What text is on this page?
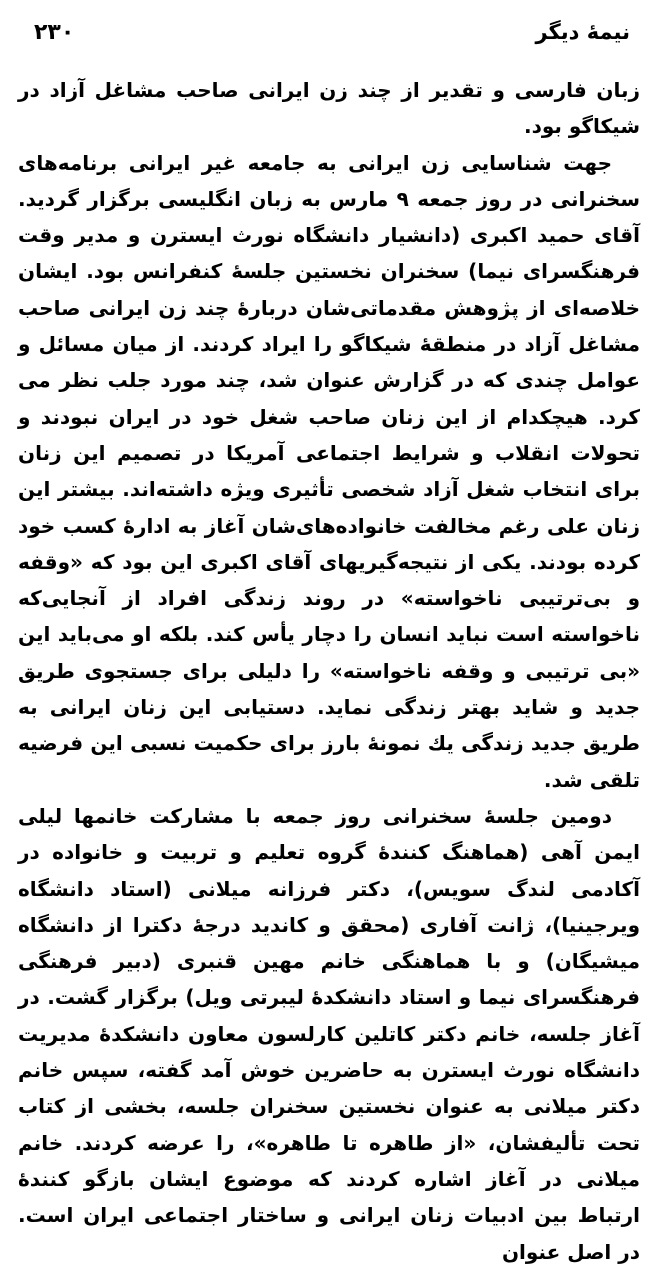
۲۳۰	نیمهٔ دیگر

زبان فارسی و تقدیر از چند زن ایرانی صاحب مشاغل آزاد در شیکاگو بود.

جهت شناسایی زن ایرانی به جامعه غیر ایرانی برنامه‌های سخنرانی در روز جمعه ۹ مارس به زبان انگلیسی برگزار گردید. آقای حمید اکبری (دانشیار دانشگاه نورث ایسترن و مدیر وقت فرهنگسرای نیما) سخنران نخستین جلسهٔ کنفرانس بود. ایشان خلاصه‌ای از پژوهش مقدماتی‌شان دربارهٔ چند زن ایرانی صاحب مشاغل آزاد در منطقهٔ شیکاگو را ایراد کردند. از میان مسائل و عوامل چندی که در گزارش عنوان شد، چند مورد جلب نظر می کرد. هیچکدام از این زنان صاحب شغل خود در ایران نبودند و تحولات انقلاب و شرایط اجتماعی آمریکا در تصمیم این زنان برای انتخاب شغل آزاد شخصی تأثیری ویژه داشته‌اند. بیشتر این زنان علی رغم مخالفت خانواده‌های‌شان آغاز به ادارهٔ کسب خود کرده بودند. یکی از نتیجه‌گیریهای آقای اکبری این بود که «وقفه و بی‌ترتیبی ناخواسته» در روند زندگی افراد از آنجایی‌که ناخواسته است نباید انسان را دچار یأس کند. بلکه او می‌باید این «بی ترتیبی و وقفه ناخواسته» را دلیلی برای جستجوی طریق جدید و شاید بهتر زندگی نماید. دستیابی این زنان ایرانی به طریق جدید زندگی یك نمونهٔ بارز برای حکمیت نسبی این فرضیه تلقی شد.

دومین جلسهٔ سخنرانی روز جمعه با مشارکت خانمها لیلی ایمن آهی (هماهنگ کنندهٔ گروه تعلیم و تربیت و خانواده در آکادمی لندگ سویس)، دکتر فرزانه میلانی (استاد دانشگاه ویرجینیا)، ژانت آفاری (محقق و کاندید درجهٔ دکترا از دانشگاه میشیگان) و با هماهنگی خانم مهین قنبری (دبیر فرهنگی فرهنگسرای نیما و استاد دانشکدهٔ لیبرتی ویل) برگزار گشت. در آغاز جلسه، خانم دکتر کاتلین کارلسون معاون دانشکدهٔ مدیریت دانشگاه نورث ایسترن به حاضرین خوش آمد گفته، سپس خانم دکتر میلانی به عنوان نخستین سخنران جلسه، بخشی از کتاب تحت تألیفشان، «از طاهره تا طاهره»، را عرضه کردند. خانم میلانی در آغاز اشاره کردند که موضوع ایشان بازگو کنندهٔ ارتباط بین ادبیات زنان ایرانی و ساختار اجتماعی ایران است. در اصل عنوان
